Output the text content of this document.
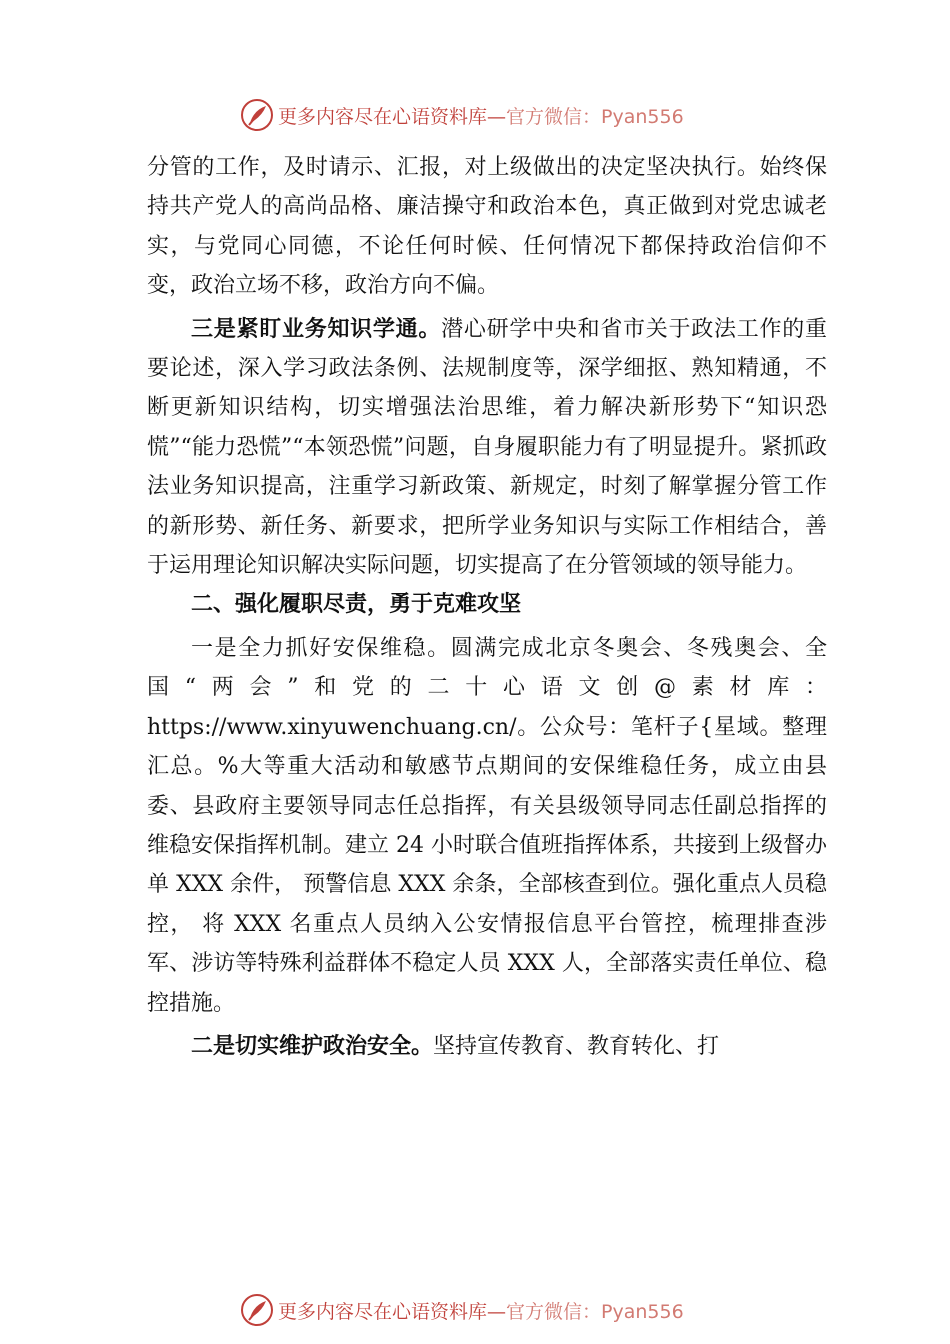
更多内容尽在心语资料库— 官方微信：Pyan556

分管的工作，及时请示、汇报，对上级做出的决定坚决执行。始终保持共产党人的高尚品格、廉洁操守和政治本色，真正做到对党忠诚老实，与党同心同德，不论任何时候、任何情况下都保持政治信仰不变，政治立场不移，政治方向不偏。

三是紧盯业务知识学通。潜心研学中央和省市关于政法工作的重要论述，深入学习政法条例、法规制度等，深学细抠、熟知精通，不断更新知识结构，切实增强法治思维，着力解决新形势下“知识恐慌”“能力恐慌”“本领恐慌”问题，自身履职能力有了明显提升。紧抓政法业务知识提高，注重学习新政策、新规定，时刻了解掌握分管工作的新形势、新任务、新要求，把所学业务知识与实际工作相结合，善于运用理论知识解决实际问题，切实提高了在分管领域的领导能力。

二、强化履职尽责，勇于克难攻坚

一是全力抓好安保维稳。圆满完成北京冬奥会、冬残奥会、全国“两会”和党的二十心语文创@素材库：https://www.xinyuwenchuang.cn/。公众号：笔杆子{星域。整理汇总。%大等重大活动和敏感节点期间的安保维稳任务，成立由县委、县政府主要领导同志任总指挥，有关县级领导同志任副总指挥的维稳安保指挥机制。建立 24 小时联合值班指挥体系，共接到上级督办单 XXX 余件， 预警信息 XXX 余条，全部核查到位。强化重点人员稳控， 将 XXX 名重点人员纳入公安情报信息平台管控，梳理排查涉军、涉访等特殊利益群体不稳定人员 XXX 人，全部落实责任单位、稳控措施。

二是切实维护政治安全。坚持宣传教育、教育转化、打

更多内容尽在心语资料库— 官方微信：Pyan556
